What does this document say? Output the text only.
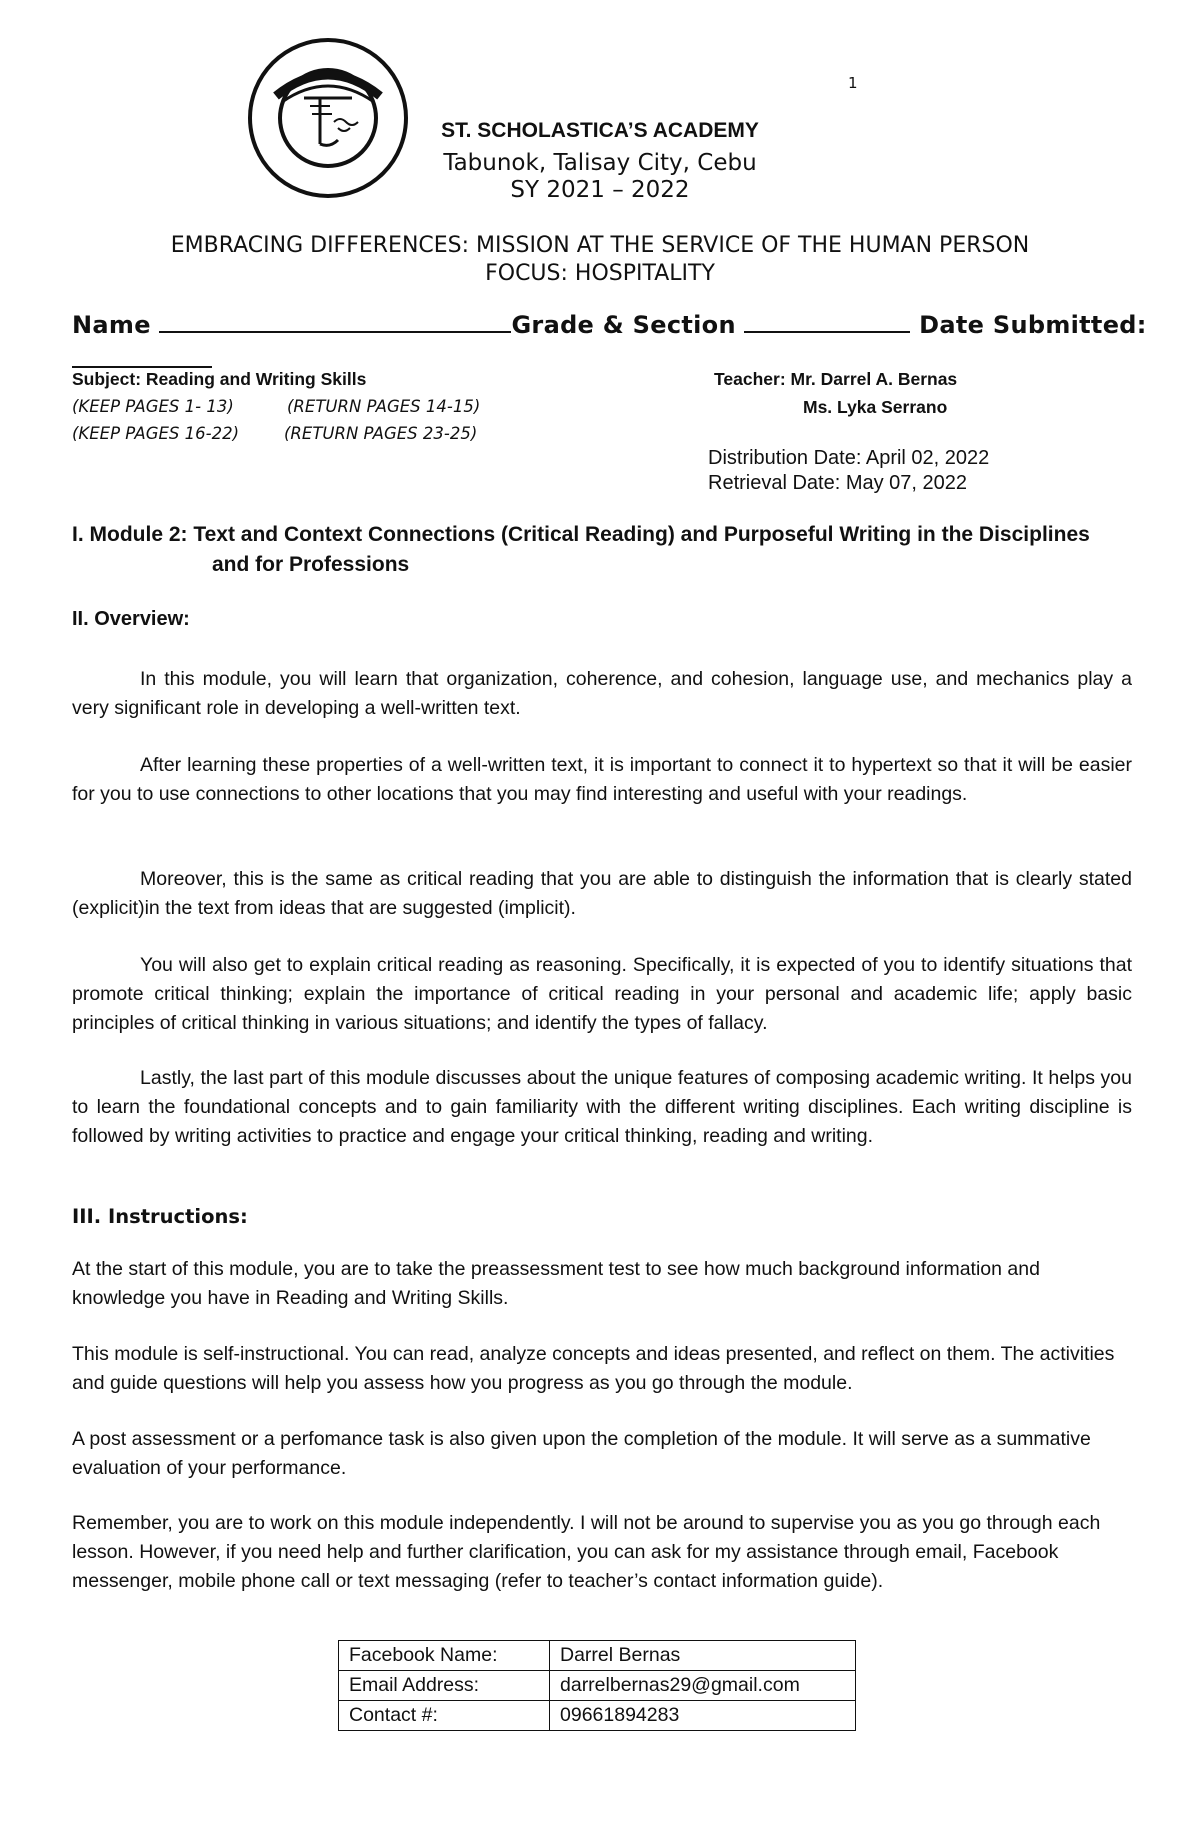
1
ST. SCHOLASTICA’S ACADEMY
Tabunok, Talisay City, Cebu
SY 2021 – 2022
EMBRACING DIFFERENCES: MISSION AT THE SERVICE OF THE HUMAN PERSON
FOCUS: HOSPITALITY
Name	Grade & Section	Date Submitted:
Subject: Reading and Writing Skills
(KEEP PAGES 1- 13)	(RETURN PAGES 14-15)
(KEEP PAGES 16-22)	(RETURN PAGES 23-25)
Teacher: Mr. Darrel A. Bernas
Ms. Lyka Serrano
Distribution Date: April 02, 2022
Retrieval Date: May 07, 2022
I. Module 2: Text and Context Connections (Critical Reading) and Purposeful Writing in the Disciplines
and for Professions
II. Overview:
In this module, you will learn that organization, coherence, and cohesion, language use, and mechanics play a very significant role in developing a well-written text.
After learning these properties of a well-written text, it is important to connect it to hypertext so that it will be easier for you to use connections to other locations that you may find interesting and useful with your readings.
Moreover, this is the same as critical reading that you are able to distinguish the information that is clearly stated (explicit)in the text from ideas that are suggested (implicit).
You will also get to explain critical reading as reasoning. Specifically, it is expected of you to identify situations that promote critical thinking; explain the importance of critical reading in your personal and academic life; apply basic principles of critical thinking in various situations; and identify the types of fallacy.
Lastly, the last part of this module discusses about the unique features of composing academic writing. It helps you to learn the foundational concepts and to gain familiarity with the different writing disciplines. Each writing discipline is followed by writing activities to practice and engage your critical thinking, reading and writing.
III. Instructions:
At the start of this module, you are to take the preassessment test to see how much background information and knowledge you have in Reading and Writing Skills.
This module is self-instructional. You can read, analyze concepts and ideas presented, and reflect on them. The activities and guide questions will help you assess how you progress as you go through the module.
A post assessment or a perfomance task is also given upon the completion of the module. It will serve as a summative evaluation of your performance.
Remember, you are to work on this module independently. I will not be around to supervise you as you go through each lesson. However, if you need help and further clarification, you can ask for my assistance through email, Facebook messenger, mobile phone call or text messaging (refer to teacher’s contact information guide).
Facebook Name:	Darrel Bernas
Email Address:	darrelbernas29@gmail.com
Contact #:	09661894283
